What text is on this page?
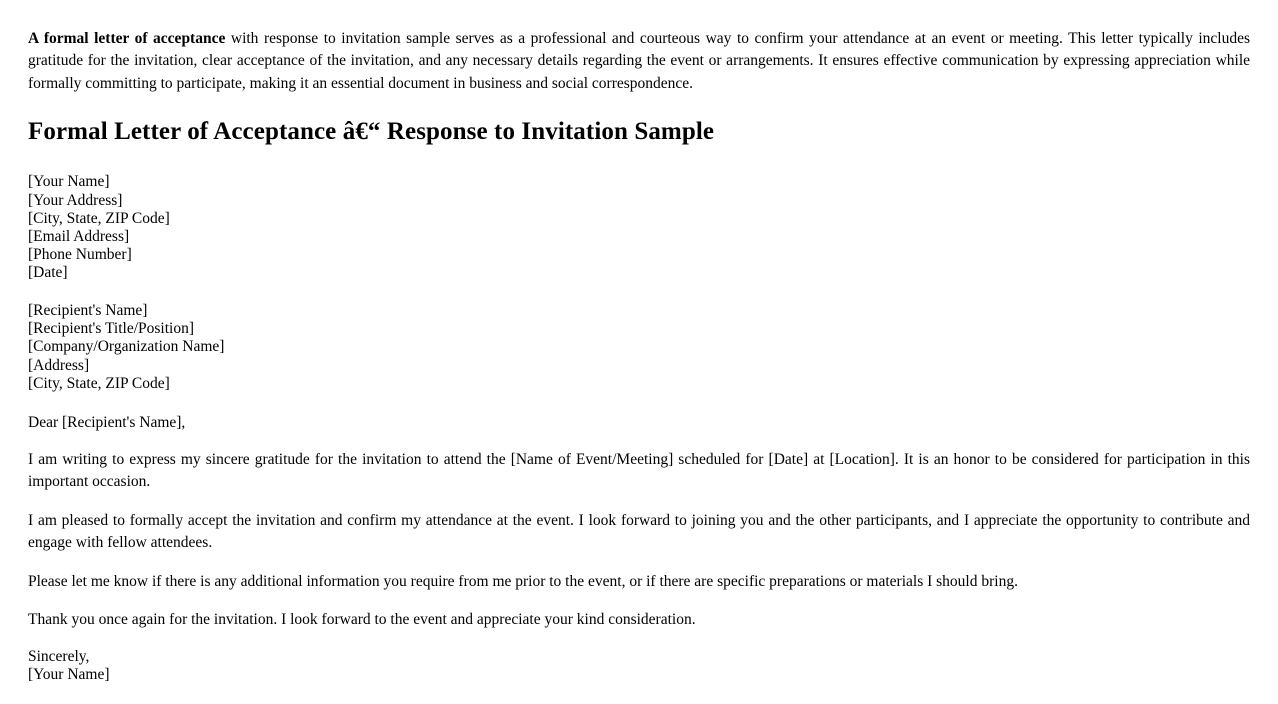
A formal letter of acceptance with response to invitation sample serves as a professional and courteous way to confirm your attendance at an event or meeting. This letter typically includes gratitude for the invitation, clear acceptance of the invitation, and any necessary details regarding the event or arrangements. It ensures effective communication by expressing appreciation while formally committing to participate, making it an essential document in business and social correspondence.

Formal Letter of Acceptance â€“ Response to Invitation Sample
[Your Name]
[Your Address]
[City, State, ZIP Code]
[Email Address]
[Phone Number]
[Date]
[Recipient's Name]
[Recipient's Title/Position]
[Company/Organization Name]
[Address]
[City, State, ZIP Code]

Dear [Recipient's Name],

I am writing to express my sincere gratitude for the invitation to attend the [Name of Event/Meeting] scheduled for [Date] at [Location]. It is an honor to be considered for participation in this important occasion.

I am pleased to formally accept the invitation and confirm my attendance at the event. I look forward to joining you and the other participants, and I appreciate the opportunity to contribute and engage with fellow attendees.

Please let me know if there is any additional information you require from me prior to the event, or if there are specific preparations or materials I should bring.

Thank you once again for the invitation. I look forward to the event and appreciate your kind consideration.

Sincerely,
[Your Name]
